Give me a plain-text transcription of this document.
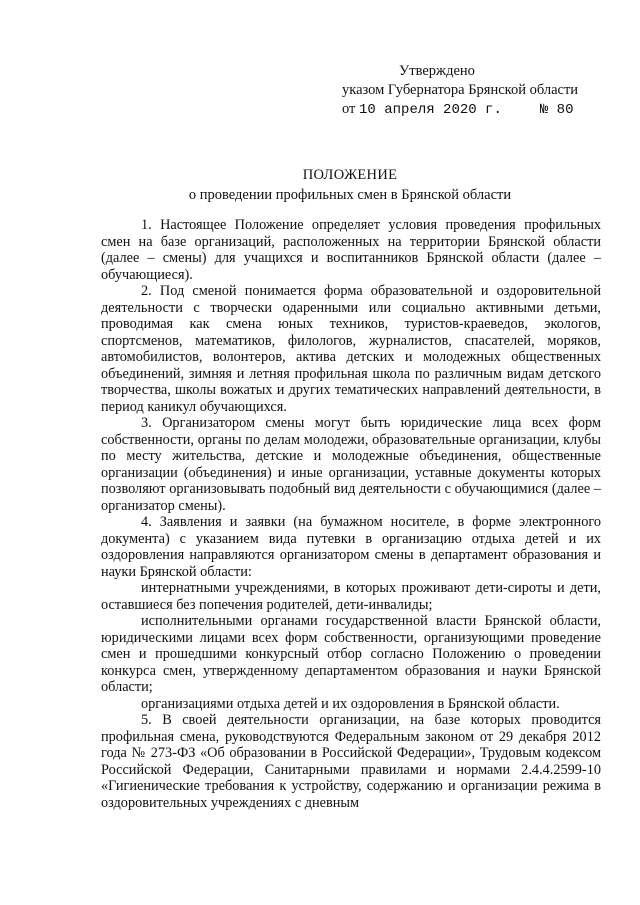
Утверждено
указом Губернатора Брянской области
от 10 апреля 2020 г.	№ 80
ПОЛОЖЕНИЕ
о проведении профильных смен в Брянской области

1. Настоящее Положение определяет условия проведения профильных смен на базе организаций, расположенных на территории Брянской области (далее – смены) для учащихся и воспитанников Брянской области (далее – обучающиеся).

2. Под сменой понимается форма образовательной и оздоровительной деятельности с творчески одаренными или социально активными детьми, проводимая как смена юных техников, туристов-краеведов, экологов, спортсменов, математиков, филологов, журналистов, спасателей, моряков, автомобилистов, волонтеров, актива детских и молодежных общественных объединений, зимняя и летняя профильная школа по различным видам детского творчества, школы вожатых и других тематических направлений деятельности, в период каникул обучающихся.

3. Организатором смены могут быть юридические лица всех форм собственности, органы по делам молодежи, образовательные организации, клубы по месту жительства, детские и молодежные объединения, общественные организации (объединения) и иные организации, уставные документы которых позволяют организовывать подобный вид деятельности с обучающимися (далее – организатор смены).

4. Заявления и заявки (на бумажном носителе, в форме электронного документа) с указанием вида путевки в организацию отдыха детей и их оздоровления направляются организатором смены в департамент образования и науки Брянской области:

интернатными учреждениями, в которых проживают дети-сироты и дети, оставшиеся без попечения родителей, дети-инвалиды;

исполнительными органами государственной власти Брянской области, юридическими лицами всех форм собственности, организующими проведение смен и прошедшими конкурсный отбор согласно Положению о проведении конкурса смен, утвержденному департаментом образования и науки Брянской области;

организациями отдыха детей и их оздоровления в Брянской области.

5. В своей деятельности организации, на базе которых проводится профильная смена, руководствуются Федеральным законом от 29 декабря 2012 года № 273-ФЗ «Об образовании в Российской Федерации», Трудовым кодексом Российской Федерации, Санитарными правилами и нормами 2.4.4.2599-10 «Гигиенические требования к устройству, содержанию и организации режима в оздоровительных учреждениях с дневным
